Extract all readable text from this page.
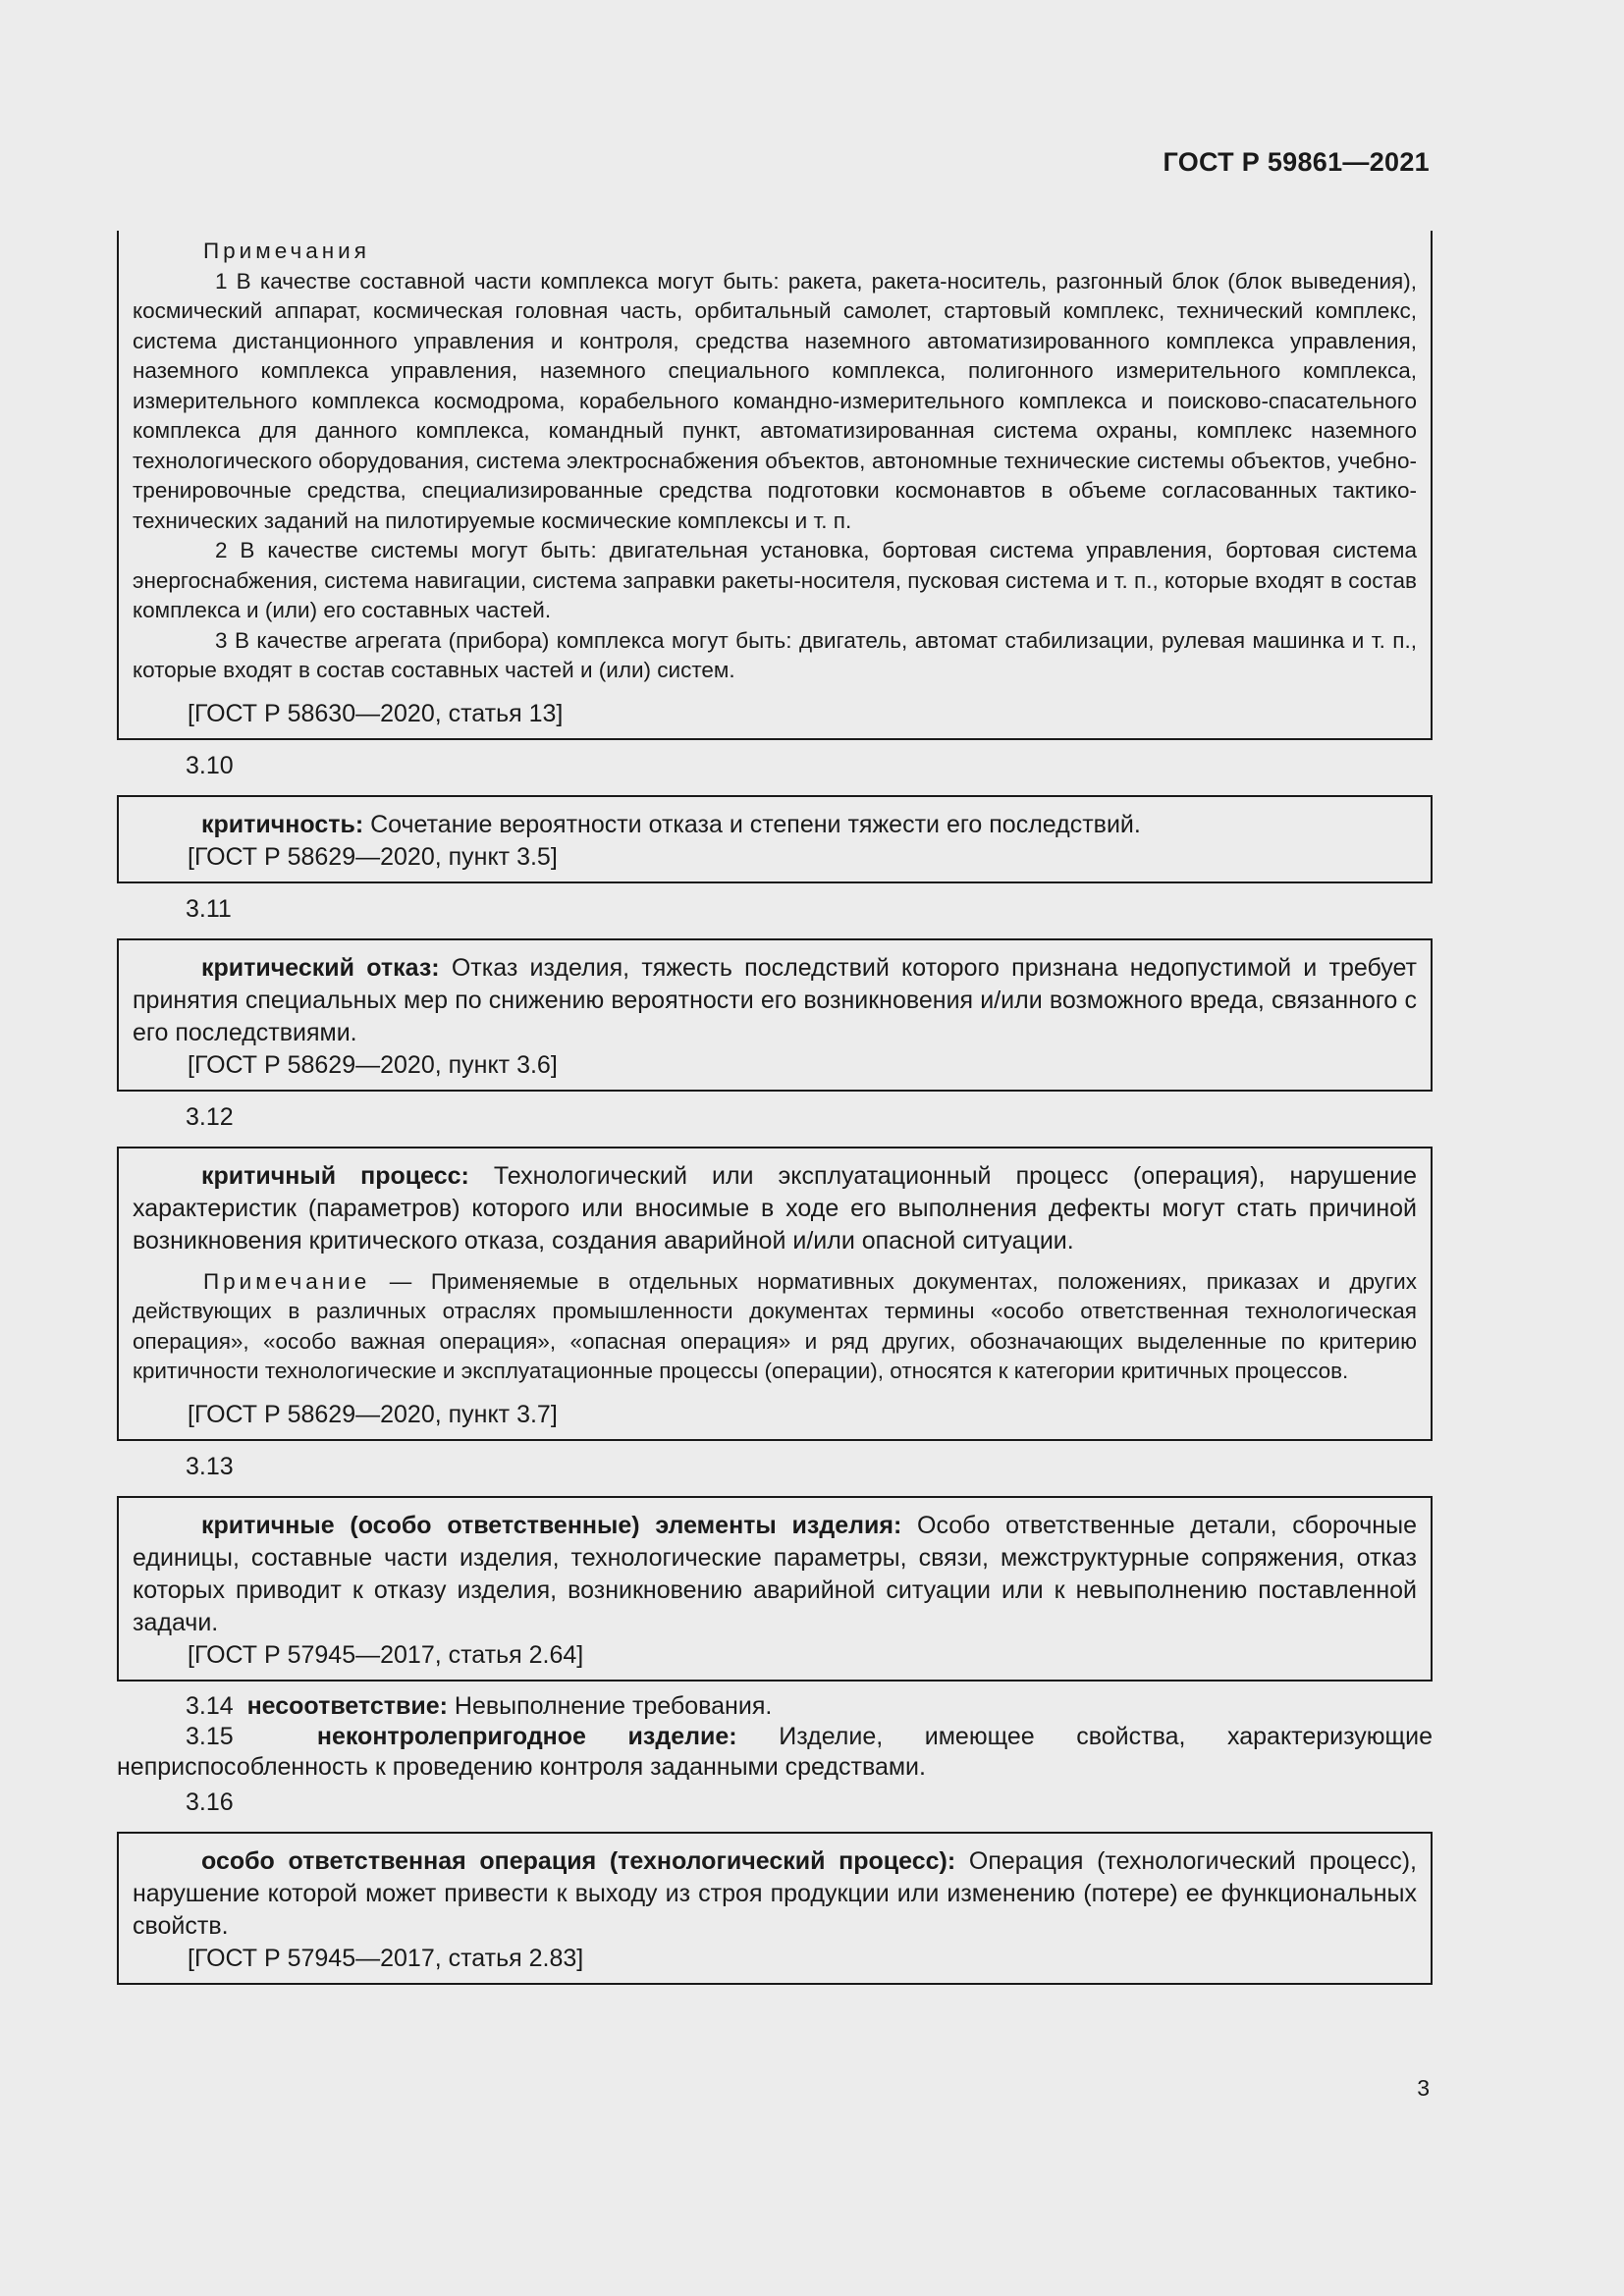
ГОСТ Р 59861—2021
Примечания

1 В качестве составной части комплекса могут быть: ракета, ракета-носитель, разгонный блок (блок выведения), космический аппарат, космическая головная часть, орбитальный самолет, стартовый комплекс, технический комплекс, система дистанционного управления и контроля, средства наземного автоматизированного комплекса управления, наземного комплекса управления, наземного специального комплекса, полигонного измерительного комплекса, измерительного комплекса космодрома, корабельного командно-измерительного комплекса и поисково-спасательного комплекса для данного комплекса, командный пункт, автоматизированная система охраны, комплекс наземного технологического оборудования, система электроснабжения объектов, автономные технические системы объектов, учебно-тренировочные средства, специализированные средства подготовки космонавтов в объеме согласованных тактико-технических заданий на пилотируемые космические комплексы и т. п.

2 В качестве системы могут быть: двигательная установка, бортовая система управления, бортовая система энергоснабжения, система навигации, система заправки ракеты-носителя, пусковая система и т. п., которые входят в состав комплекса и (или) его составных частей.

3 В качестве агрегата (прибора) комплекса могут быть: двигатель, автомат стабилизации, рулевая машинка и т. п., которые входят в состав составных частей и (или) систем.

[ГОСТ Р 58630—2020, статья 13]

3.10

критичность: Сочетание вероятности отказа и степени тяжести его последствий.

[ГОСТ Р 58629—2020, пункт 3.5]

3.11

критический отказ: Отказ изделия, тяжесть последствий которого признана недопустимой и требует принятия специальных мер по снижению вероятности его возникновения и/или возможного вреда, связанного с его последствиями.

[ГОСТ Р 58629—2020, пункт 3.6]

3.12

критичный процесс: Технологический или эксплуатационный процесс (операция), нарушение характеристик (параметров) которого или вносимые в ходе его выполнения дефекты могут стать причиной возникновения критического отказа, создания аварийной и/или опасной ситуации.

Примечание — Применяемые в отдельных нормативных документах, положениях, приказах и других действующих в различных отраслях промышленности документах термины «особо ответственная технологическая операция», «особо важная операция», «опасная операция» и ряд других, обозначающих выделенные по критерию критичности технологические и эксплуатационные процессы (операции), относятся к категории критичных процессов.

[ГОСТ Р 58629—2020, пункт 3.7]

3.13

критичные (особо ответственные) элементы изделия: Особо ответственные детали, сборочные единицы, составные части изделия, технологические параметры, связи, межструктурные сопряжения, отказ которых приводит к отказу изделия, возникновению аварийной ситуации или к невыполнению поставленной задачи.

[ГОСТ Р 57945—2017, статья 2.64]

3.14 несоответствие: Невыполнение требования.

3.15	неконтролепригодное изделие: Изделие, имеющее свойства, характеризующие неприспособленность к проведению контроля заданными средствами.

3.16

особо ответственная операция (технологический процесс): Операция (технологический процесс), нарушение которой может привести к выходу из строя продукции или изменению (потере) ее функциональных свойств.

[ГОСТ Р 57945—2017, статья 2.83]

3
